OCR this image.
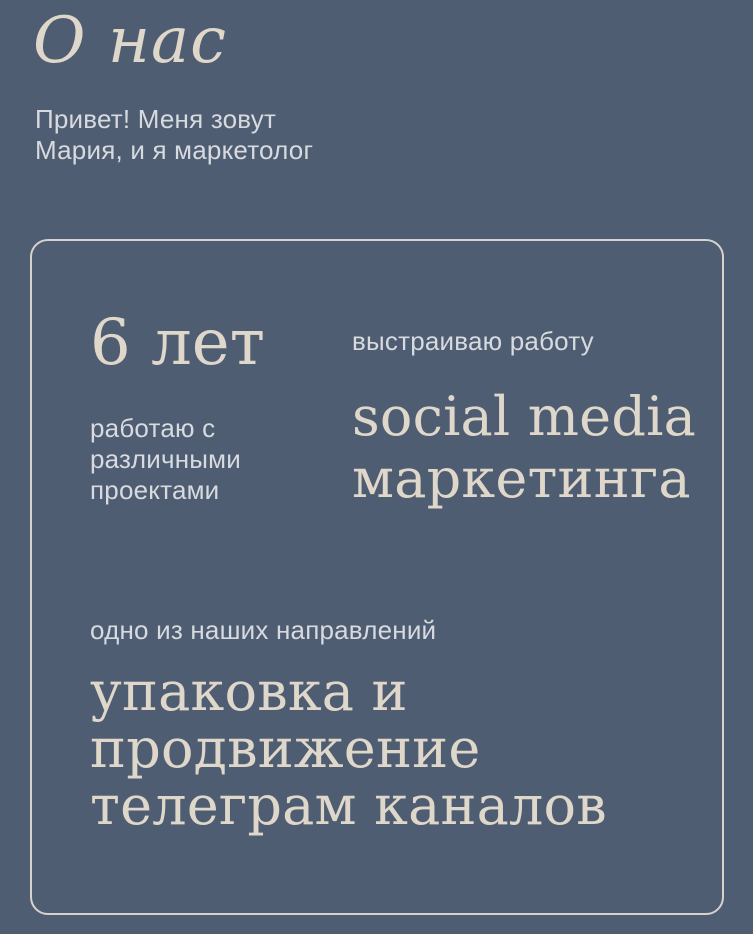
О нас

Привет! Меня зовут
Мария, и я маркетолог

6 лет	выстраиваю работу
работаю с
различными
проектами
social media
маркетинга
одно из наших направлений
упаковка и
продвижение
телеграм каналов
